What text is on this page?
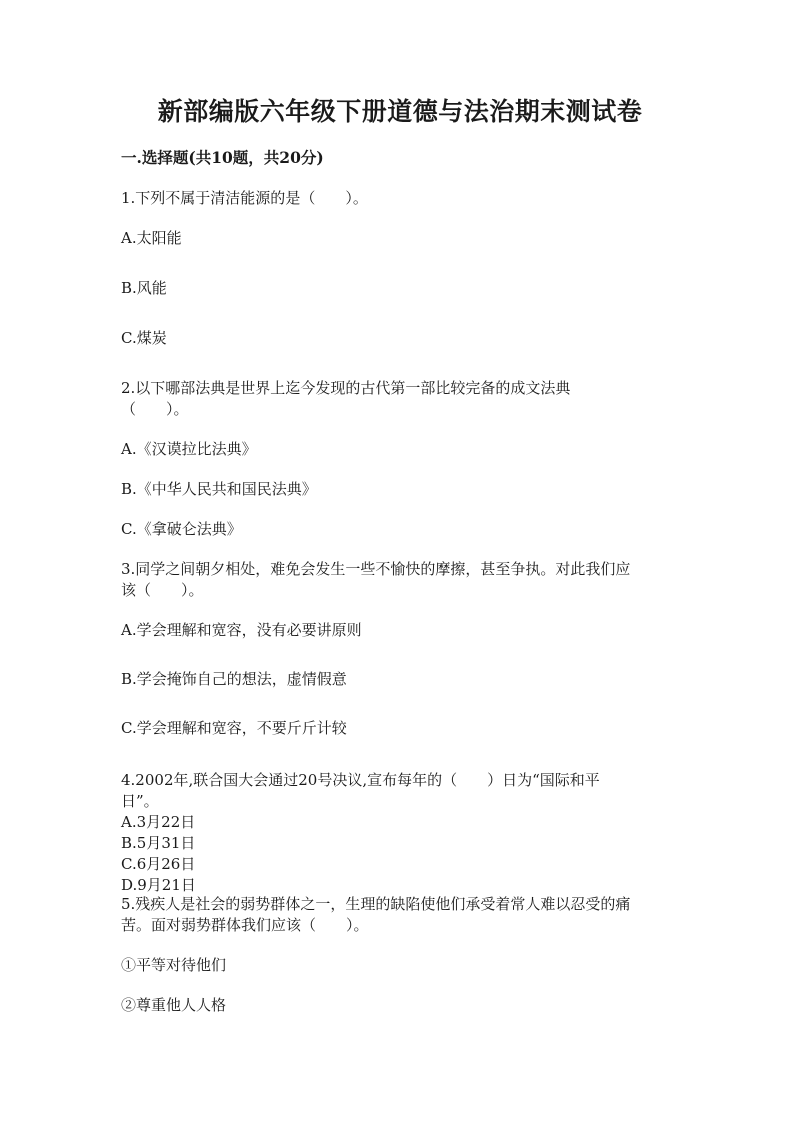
新部编版六年级下册道德与法治期末测试卷
一.选择题(共10题，共20分)
1.下列不属于清洁能源的是（　　）。
A.太阳能
B.风能
C.煤炭
2.以下哪部法典是世界上迄今发现的古代第一部比较完备的成文法典
（　　）。
A.《汉谟拉比法典》
B.《中华人民共和国民法典》
C.《拿破仑法典》
3.同学之间朝夕相处，难免会发生一些不愉快的摩擦，甚至争执。对此我们应
该（　　）。
A.学会理解和宽容，没有必要讲原则
B.学会掩饰自己的想法，虚情假意
C.学会理解和宽容，不要斤斤计较
4.2002年,联合国大会通过20号决议,宣布每年的（　　）日为“国际和平
日”。
A.3月22日
B.5月31日
C.6月26日
D.9月21日
5.残疾人是社会的弱势群体之一，生理的缺陷使他们承受着常人难以忍受的痛
苦。面对弱势群体我们应该（　　）。
①平等对待他们
②尊重他人人格
